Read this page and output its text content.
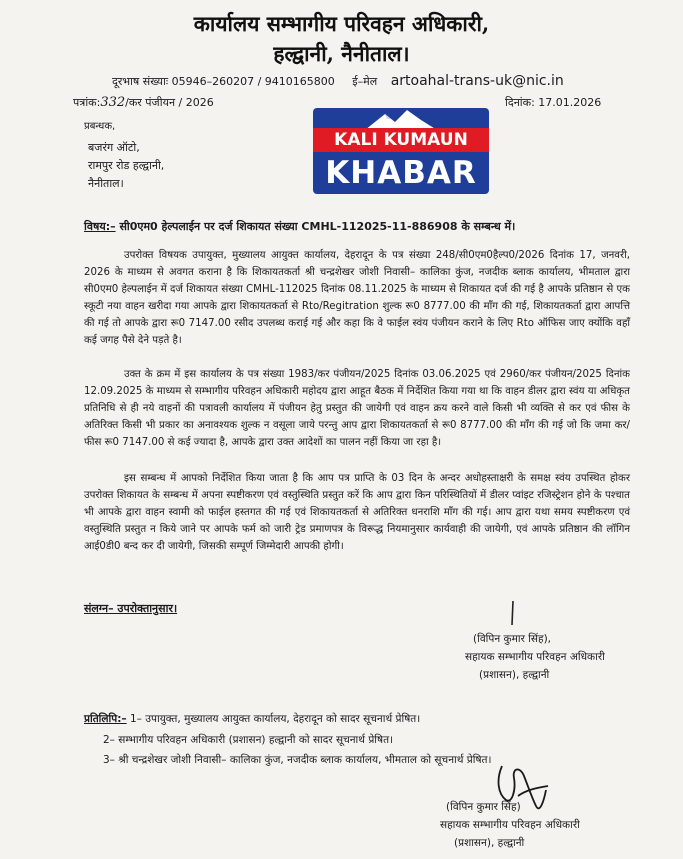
कार्यालय सम्भागीय परिवहन अधिकारी,
हल्द्वानी, नैनीताल।
दूरभाष संख्याः 05946–260207 / 9410165800 ई–मेल artoahal-trans-uk@nic.in
पत्रांक:332/कर पंजीयन / 2026	दिनांक: 17.01.2026
प्रबन्धक,
बजरंग ऑटो,
रामपुर रोड हल्द्वानी,
नैनीताल।
KALI KUMAUN
KHABAR
विषय:– सी0एम0 हेल्पलाईन पर दर्ज शिकायत संख्या CMHL-112025-11-886908 के सम्बन्ध में।

उपरोक्त विषयक उपायुक्त, मुख्यालय आयुक्त कार्यालय, देहरादून के पत्र संख्या 248/सी0एम0हैल्प0/2026 दिनांक 17, जनवरी, 2026 के माध्यम से अवगत कराना है कि शिकायतकर्ता श्री चन्द्रशेखर जोशी निवासी– कालिका कुंज, नजदीक ब्लाक कार्यालय, भीमताल द्वारा सी0एम0 हेल्पलाईन में दर्ज शिकायत संख्या CMHL-112025 दिनांक 08.11.2025 के माध्यम से शिकायत दर्ज की गई है आपके प्रतिष्ठान से एक स्कूटी नया वाहन खरीदा गया आपके द्वारा शिकायतकर्ता से Rto/Regitration शुल्क रू0 8777.00 की माँग की गई, शिकायतकर्ता द्वारा आपत्ति की गई तो आपके द्वारा रू0 7147.00 रसीद उपलब्ध कराई गई और कहा कि वे फाईल स्वंय पंजीयन कराने के लिए Rto ऑफिस जाए क्योंकि वहाँ कई जगह पैसे देने पड़ते है।

उक्त के क्रम में इस कार्यालय के पत्र संख्या 1983/कर पंजीयन/2025 दिनांक 03.06.2025 एवं 2960/कर पंजीयन/2025 दिनांक 12.09.2025 के माध्यम से सम्भागीय परिवहन अधिकारी महोदय द्वारा आहूत बैठक में निर्देशित किया गया था कि वाहन डीलर द्वारा स्वंय या अधिकृत प्रतिनिधि से ही नये वाहनों की पत्रावली कार्यालय में पंजीयन हेतु प्रस्तुत की जायेगी एवं वाहन क्रय करने वाले किसी भी व्यक्ति से कर एवं फीस के अतिरिक्त किसी भी प्रकार का अनावश्यक शुल्क न वसूला जाये परन्तु आप द्वारा शिकायतकर्ता से रू0 8777.00 की माँग की गई जो कि जमा कर/फीस रू0 7147.00 से कई ज्यादा है, आपके द्वारा उक्त आदेशों का पालन नहीं किया जा रहा है।

इस सम्बन्ध में आपको निर्देशित किया जाता है कि आप पत्र प्राप्ति के 03 दिन के अन्दर अधोहस्ताक्षरी के समक्ष स्वंय उपस्थित होकर उपरोक्त शिकायत के सम्बन्ध में अपना स्पष्टीकरण एवं वस्तुस्थिति प्रस्तुत करें कि आप द्वारा किन परिस्थितियों में डीलर प्वांइट रजिस्ट्रेशन होने के पश्चात भी आपके द्वारा वाहन स्वामी को फाईल हस्तगत की गई एवं शिकायतकर्ता से अतिरिक्त धनराशि माँग की गई। आप द्वारा यथा समय स्पष्टीकरण एवं वस्तुस्थिति प्रस्तुत न किये जाने पर आपके फर्म को जारी ट्रेड प्रमाणपत्र के विरूद्ध नियमानुसार कार्यवाही की जायेगी, एवं आपके प्रतिष्ठान की लॉगिन आई0डी0 बन्द कर दी जायेगी, जिसकी सम्पूर्ण जिम्मेदारी आपकी होगी।

संलग्न– उपरोक्तानुसार।
(विपिन कुमार सिंह),
सहायक सम्भागीय परिवहन अधिकारी
(प्रशासन), हल्द्वानी
प्रतिलिपि:– 1– उपायुक्त, मुख्यालय आयुक्त कार्यालय, देहरादून को सादर सूचनार्थ प्रेषित।
2– सम्भागीय परिवहन अधिकारी (प्रशासन) हल्द्वानी को सादर सूचनार्थ प्रेषित।
3– श्री चन्द्रशेखर जोशी निवासी– कालिका कुंज, नजदीक ब्लाक कार्यालय, भीमताल को सूचनार्थ प्रेषित।
(विपिन कुमार सिंह)
सहायक सम्भागीय परिवहन अधिकारी
(प्रशासन), हल्द्वानी
